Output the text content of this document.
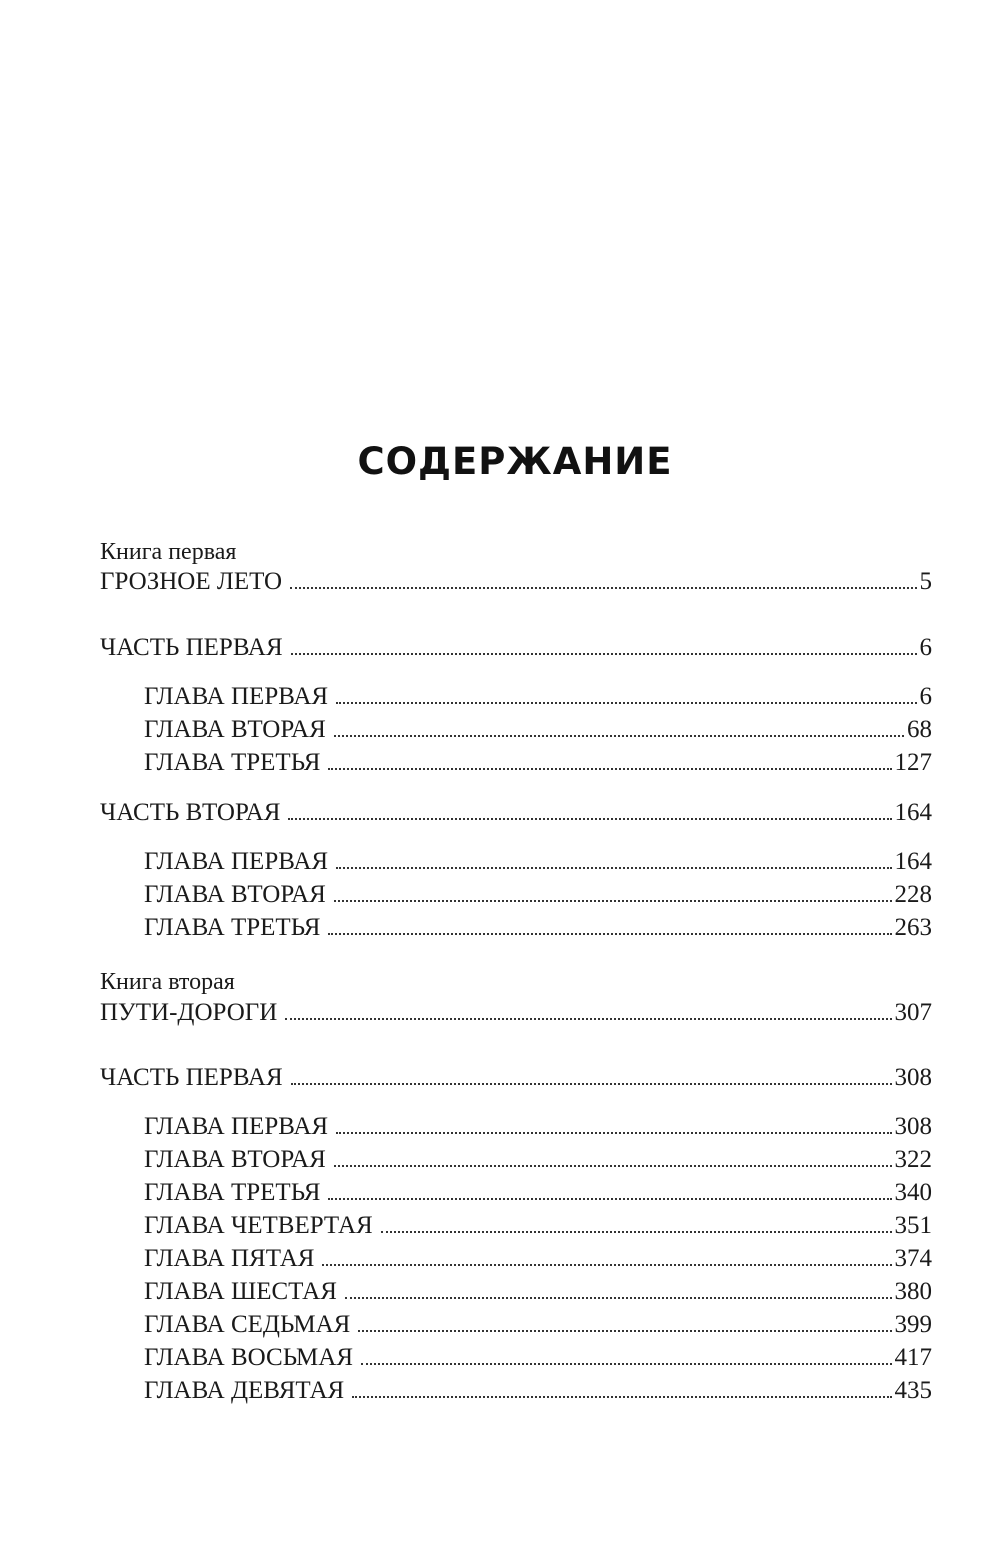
СОДЕРЖАНИЕ
Книга первая
ГРОЗНОЕ ЛЕТО	5
ЧАСТЬ ПЕРВАЯ	6
ГЛАВА ПЕРВАЯ	6
ГЛАВА ВТОРАЯ	68
ГЛАВА ТРЕТЬЯ	127
ЧАСТЬ ВТОРАЯ	164
ГЛАВА ПЕРВАЯ	164
ГЛАВА ВТОРАЯ	228
ГЛАВА ТРЕТЬЯ	263
Книга вторая
ПУТИ-ДОРОГИ	307
ЧАСТЬ ПЕРВАЯ	308
ГЛАВА ПЕРВАЯ	308
ГЛАВА ВТОРАЯ	322
ГЛАВА ТРЕТЬЯ	340
ГЛАВА ЧЕТВЕРТАЯ	351
ГЛАВА ПЯТАЯ	374
ГЛАВА ШЕСТАЯ	380
ГЛАВА СЕДЬМАЯ	399
ГЛАВА ВОСЬМАЯ	417
ГЛАВА ДЕВЯТАЯ	435
